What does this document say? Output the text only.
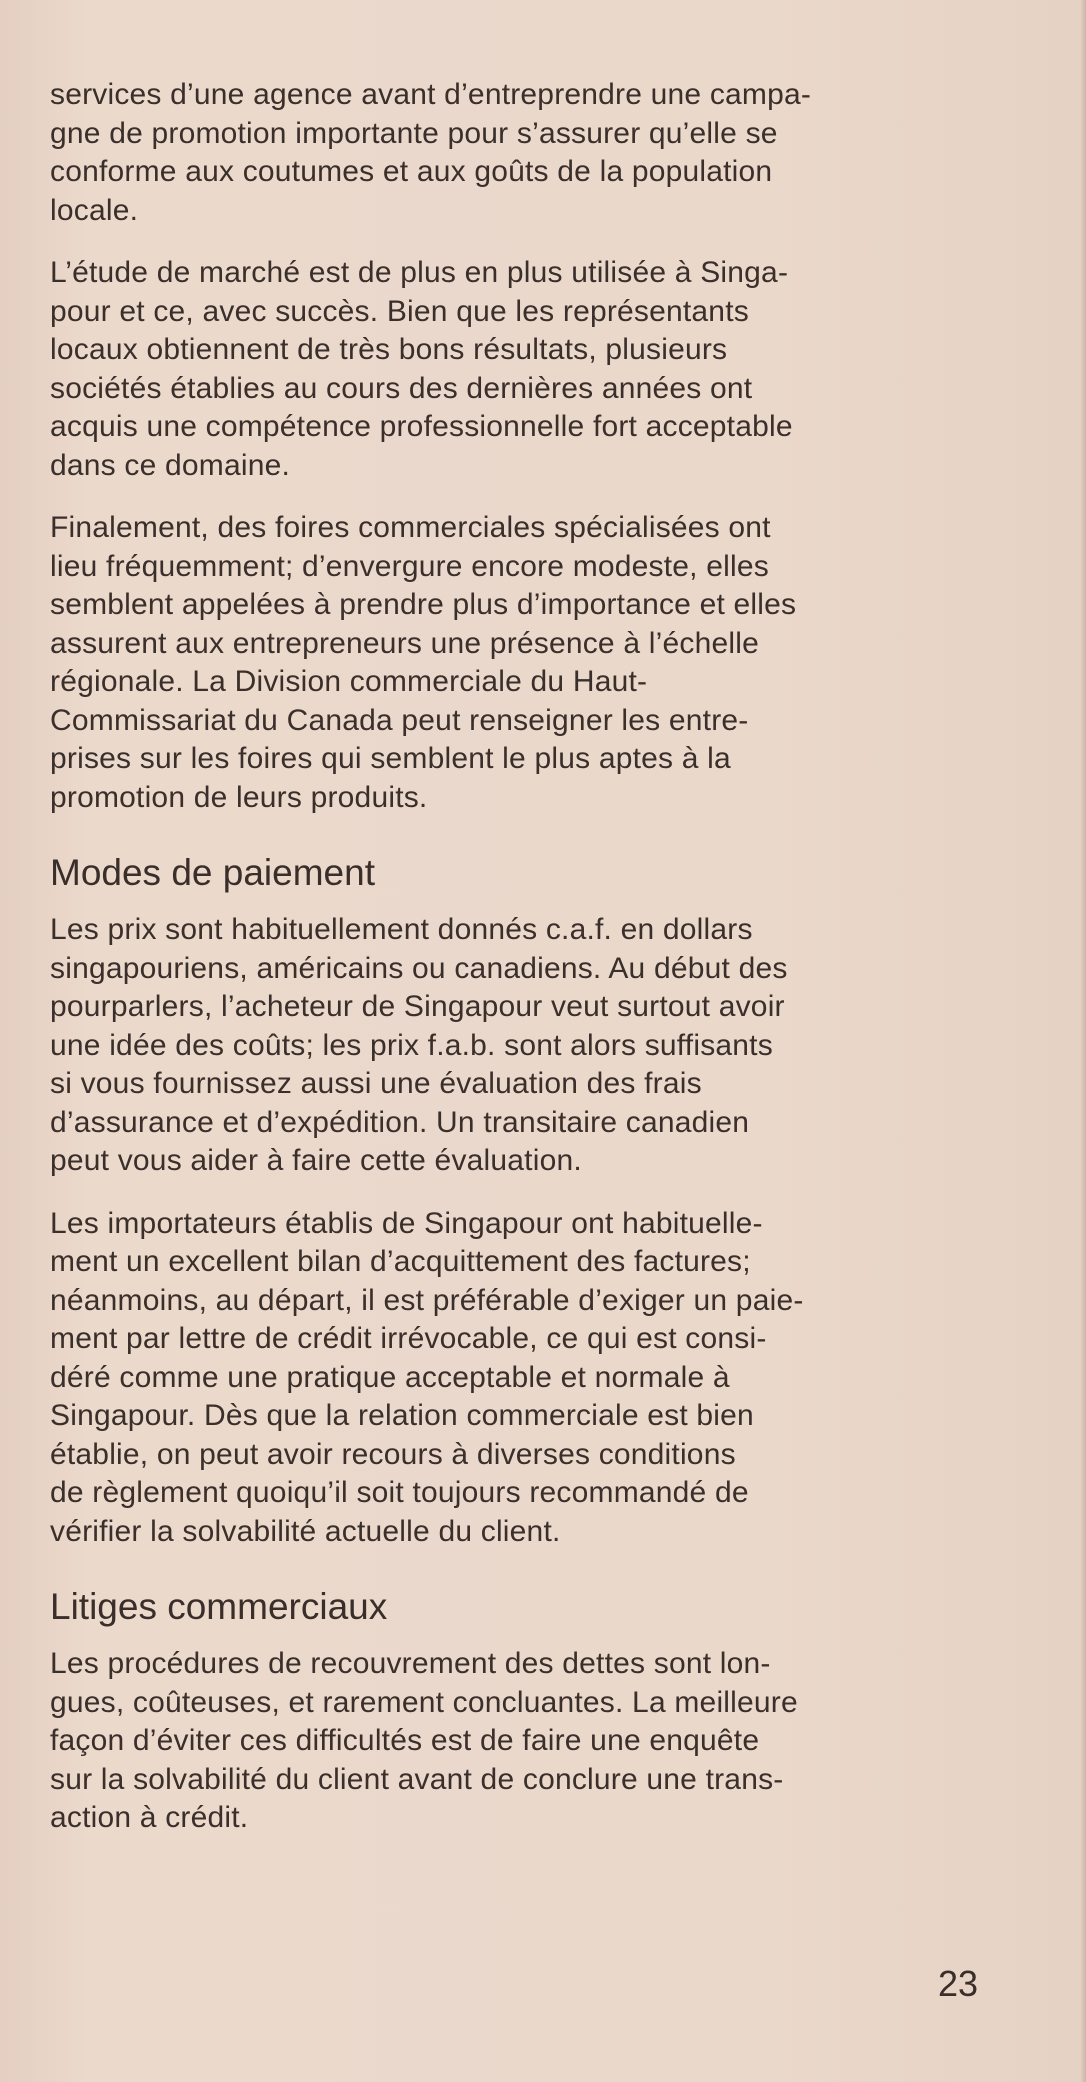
services d’une agence avant d’entreprendre une campa-
gne de promotion importante pour s’assurer qu’elle se
conforme aux coutumes et aux goûts de la population
locale.

L’étude de marché est de plus en plus utilisée à Singa-
pour et ce, avec succès. Bien que les représentants
locaux obtiennent de très bons résultats, plusieurs
sociétés établies au cours des dernières années ont
acquis une compétence professionnelle fort acceptable
dans ce domaine.

Finalement, des foires commerciales spécialisées ont
lieu fréquemment; d’envergure encore modeste, elles
semblent appelées à prendre plus d’importance et elles
assurent aux entrepreneurs une présence à l’échelle
régionale. La Division commerciale du Haut-
Commissariat du Canada peut renseigner les entre-
prises sur les foires qui semblent le plus aptes à la
promotion de leurs produits.

Modes de paiement

Les prix sont habituellement donnés c.a.f. en dollars
singapouriens, américains ou canadiens. Au début des
pourparlers, l’acheteur de Singapour veut surtout avoir
une idée des coûts; les prix f.a.b. sont alors suffisants
si vous fournissez aussi une évaluation des frais
d’assurance et d’expédition. Un transitaire canadien
peut vous aider à faire cette évaluation.

Les importateurs établis de Singapour ont habituelle-
ment un excellent bilan d’acquittement des factures;
néanmoins, au départ, il est préférable d’exiger un paie-
ment par lettre de crédit irrévocable, ce qui est consi-
déré comme une pratique acceptable et normale à
Singapour. Dès que la relation commerciale est bien
établie, on peut avoir recours à diverses conditions
de règlement quoiqu’il soit toujours recommandé de
vérifier la solvabilité actuelle du client.

Litiges commerciaux

Les procédures de recouvrement des dettes sont lon-
gues, coûteuses, et rarement concluantes. La meilleure
façon d’éviter ces difficultés est de faire une enquête
sur la solvabilité du client avant de conclure une trans-
action à crédit.

23
